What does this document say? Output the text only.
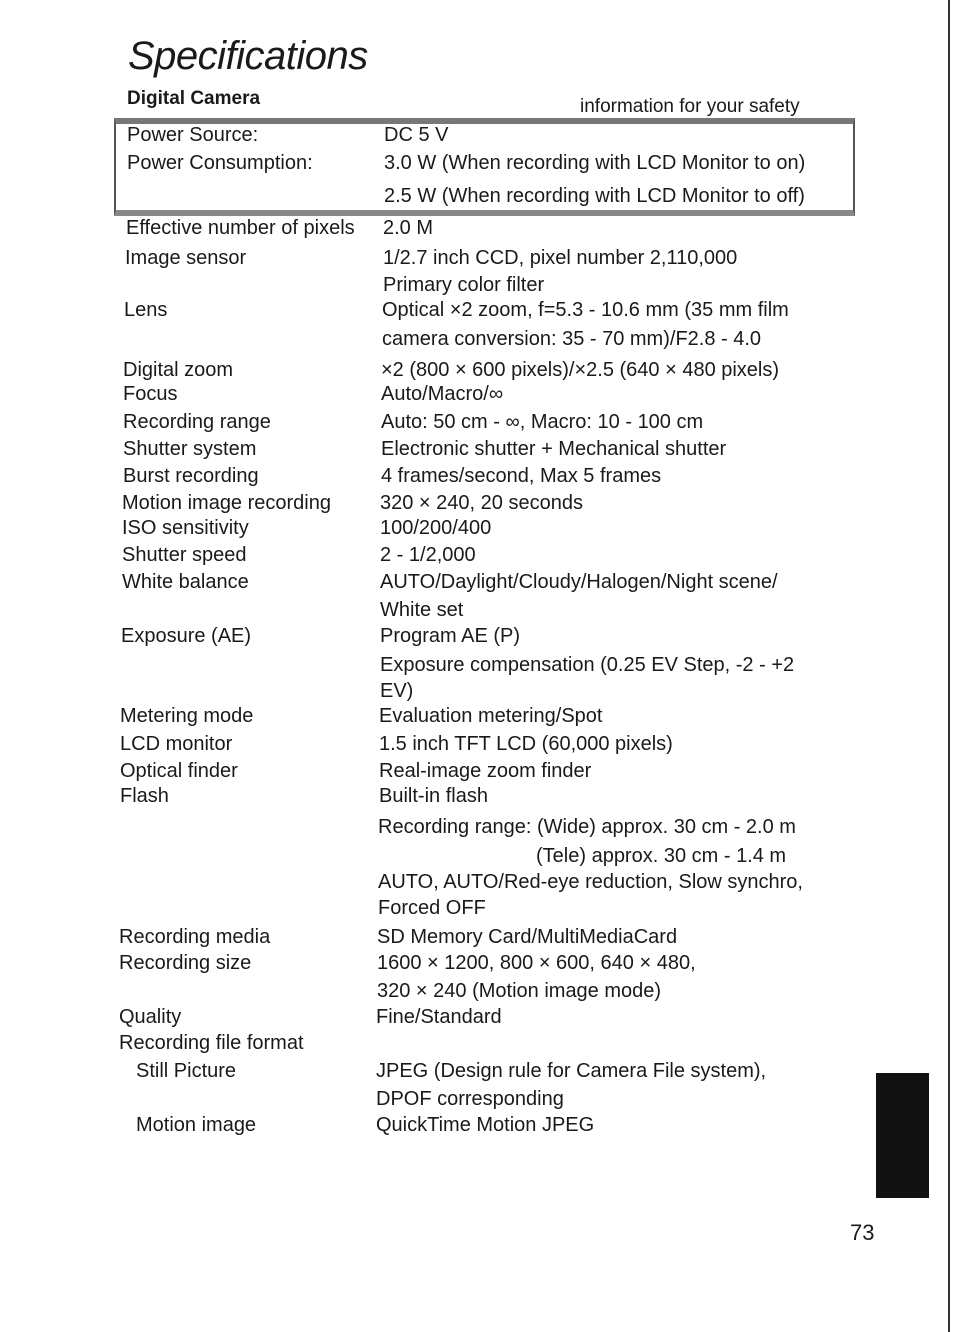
Specifications
Digital Camera	information for your safety
Power Source:	DC 5 V
Power Consumption:	3.0 W (When recording with LCD Monitor to on)
2.5 W (When recording with LCD Monitor to off)
Effective number of pixels 2.0 M
Image sensor	1/2.7 inch CCD, pixel number 2,110,000
Primary color filter
Lens	Optical ×2 zoom, f=5.3 - 10.6 mm (35 mm film
camera conversion: 35 - 70 mm)/F2.8 - 4.0
Digital zoom	×2 (800 × 600 pixels)/×2.5 (640 × 480 pixels)
Focus	Auto/Macro/∞
Recording range	Auto: 50 cm - ∞, Macro: 10 - 100 cm
Shutter system	Electronic shutter + Mechanical shutter
Burst recording	4 frames/second, Max 5 frames
Motion image recording 320 × 240, 20 seconds
ISO sensitivity	100/200/400
Shutter speed	2 - 1/2,000
White balance	AUTO/Daylight/Cloudy/Halogen/Night scene/
White set
Exposure (AE)	Program AE (P)
Exposure compensation (0.25 EV Step, -2 - +2
EV)
Metering mode	Evaluation metering/Spot
LCD monitor	1.5 inch TFT LCD (60,000 pixels)
Optical finder	Real-image zoom finder
Flash	Built-in flash
Recording range: (Wide) approx. 30 cm - 2.0 m
(Tele) approx. 30 cm - 1.4 m
AUTO, AUTO/Red-eye reduction, Slow synchro,
Forced OFF
Recording media	SD Memory Card/MultiMediaCard
Recording size	1600 × 1200, 800 × 600, 640 × 480,
320 × 240 (Motion image mode)
Quality	Fine/Standard
Recording file format
Still Picture	JPEG (Design rule for Camera File system),
DPOF corresponding
Motion image	QuickTime Motion JPEG
73
